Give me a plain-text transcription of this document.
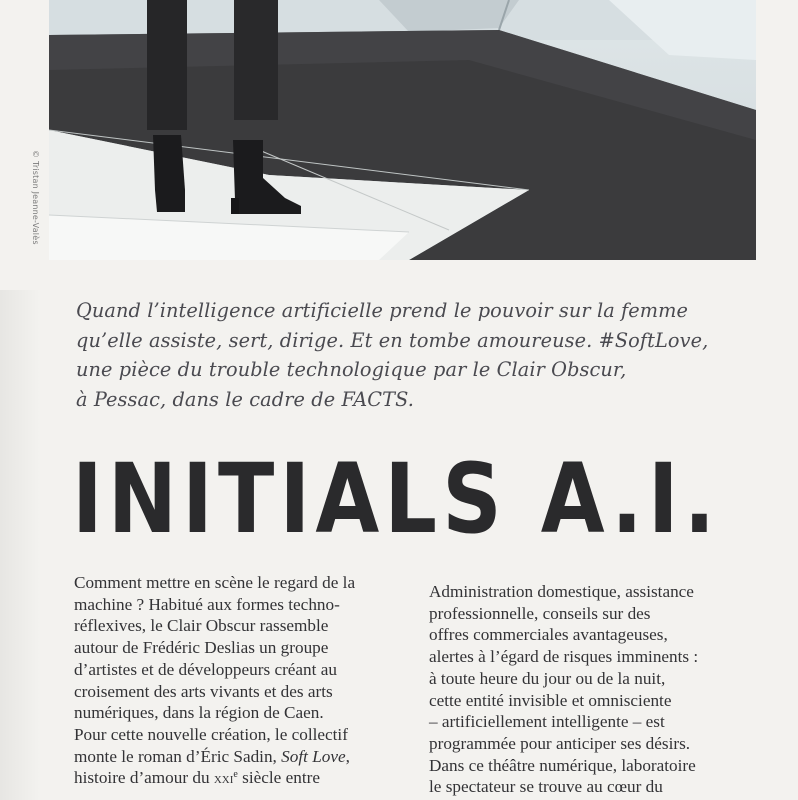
© Tristan Jeanne-Valès
Quand l’intelligence artificielle prend le pouvoir sur la femme
qu’elle assiste, sert, dirige. Et en tombe amoureuse. #SoftLove,
une pièce du trouble technologique par le Clair Obscur,
à Pessac, dans le cadre de FACTS.
INITIALS A.I.
Comment mettre en scène le regard de la
machine ? Habitué aux formes techno-
réflexives, le Clair Obscur rassemble
autour de Frédéric Deslias un groupe
d’artistes et de développeurs créant au
croisement des arts vivants et des arts
numériques, dans la région de Caen.
Pour cette nouvelle création, le collectif
monte le roman d’Éric Sadin, Soft Love,
histoire d’amour du xxi$^e$ siècle entre
Administration domestique, assistance
professionnelle, conseils sur des
offres commerciales avantageuses,
alertes à l’égard de risques imminents :
à toute heure du jour ou de la nuit,
cette entité invisible et omnisciente
– artificiellement intelligente – est
programmée pour anticiper ses désirs.
Dans ce théâtre numérique, laboratoire
le spectateur se trouve au cœur du
